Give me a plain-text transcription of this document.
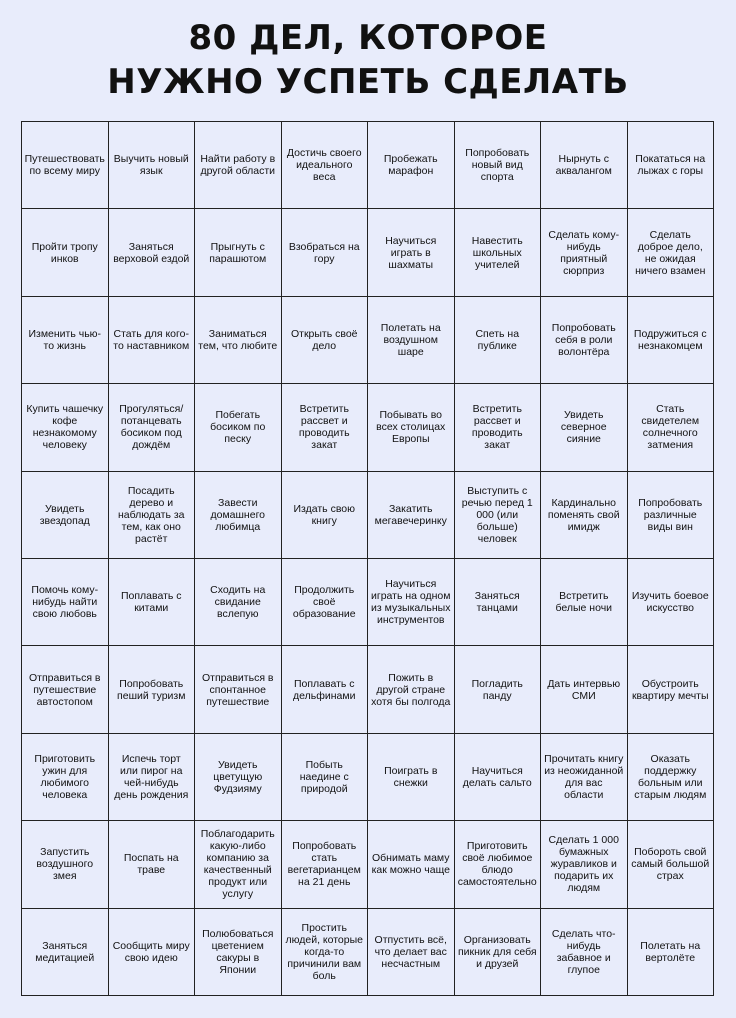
80 ДЕЛ, КОТОРОЕ
НУЖНО УСПЕТЬ СДЕЛАТЬ
Путешествовать по всему миру
Выучить новый язык
Найти работу в другой области
Достичь своего идеального веса
Пробежать марафон
Попробовать новый вид спорта
Нырнуть с аквалангом
Покататься на лыжах с горы
Пройти тропу инков
Заняться верховой ездой
Прыгнуть с парашютом
Взобраться на гору
Научиться играть в шахматы
Навестить школьных учителей
Сделать кому-нибудь приятный сюрприз
Сделать доброе дело, не ожидая ничего взамен
Изменить чью-то жизнь
Стать для кого-то наставником
Заниматься тем, что любите
Открыть своё дело
Полетать на воздушном шаре
Спеть на публике
Попробовать себя в роли волонтёра
Подружиться с незнакомцем
Купить чашечку кофе незнакомому человеку
Прогуляться/ потанцевать босиком под дождём
Побегать босиком по песку
Встретить рассвет и проводить закат
Побывать во всех столицах Европы
Встретить рассвет и проводить закат
Увидеть северное сияние
Стать свидетелем солнечного затмения
Увидеть звездопад
Посадить дерево и наблюдать за тем, как оно растёт
Завести домашнего любимца
Издать свою книгу
Закатить мегавечеринку
Выступить с речью перед 1 000 (или больше) человек
Кардинально поменять свой имидж
Попробовать различные виды вин
Помочь кому-нибудь найти свою любовь
Поплавать с китами
Сходить на свидание вслепую
Продолжить своё образование
Научиться играть на одном из музыкальных инструментов
Заняться танцами
Встретить белые ночи
Изучить боевое искусство
Отправиться в путешествие автостопом
Попробовать пеший туризм
Отправиться в спонтанное путешествие
Поплавать с дельфинами
Пожить в другой стране хотя бы полгода
Погладить панду
Дать интервью СМИ
Обустроить квартиру мечты
Приготовить ужин для любимого человека
Испечь торт или пирог на чей-нибудь день рождения
Увидеть цветущую Фудзияму
Побыть наедине с природой
Поиграть в снежки
Научиться делать сальто
Прочитать книгу из неожиданной для вас области
Оказать поддержку больным или старым людям
Запустить воздушного змея
Поспать на траве
Поблагодарить какую-либо компанию за качественный продукт или услугу
Попробовать стать вегетарианцем на 21 день
Обнимать маму как можно чаще
Приготовить своё любимое блюдо самостоятельно
Сделать 1 000 бумажных журавликов и подарить их людям
Побороть свой самый большой страх
Заняться медитацией
Сообщить миру свою идею
Полюбоваться цветением сакуры в Японии
Простить людей, которые когда-то причинили вам боль
Отпустить всё, что делает вас несчастным
Организовать пикник для себя и друзей
Сделать что-нибудь забавное и глупое
Полетать на вертолёте
